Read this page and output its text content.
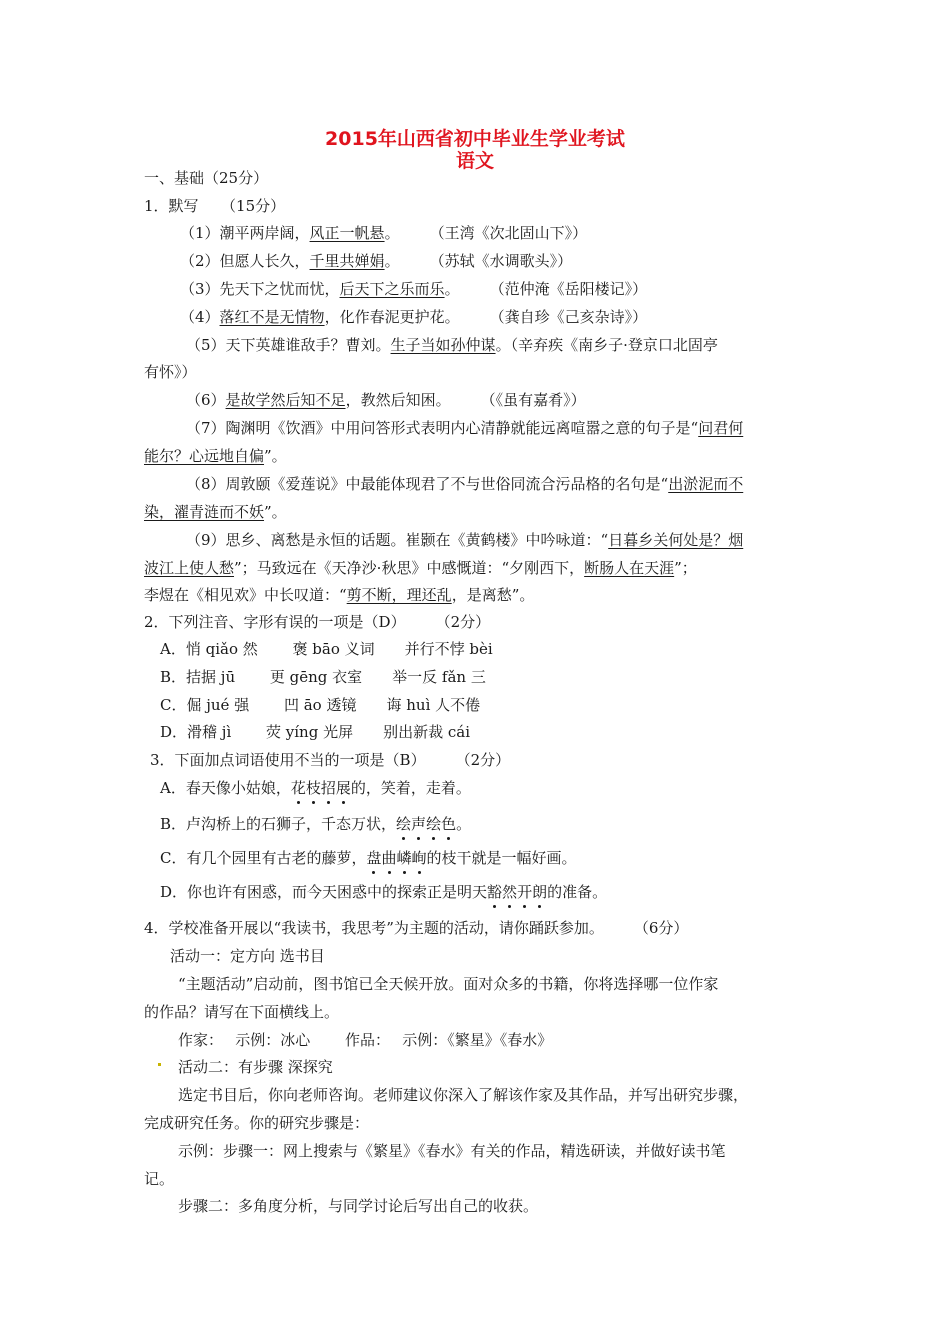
2015年山西省初中毕业生学业考试
语文
一、基础（25分）
1．默写　　（15分）
（1）潮平两岸阔，风正一帆悬。　　　（王湾《次北固山下》）
（2）但愿人长久，千里共婵娟。　　　（苏轼《水调歌头》）
（3）先天下之忧而忧，后天下之乐而乐。　　　（范仲淹《岳阳楼记》）
（4）落红不是无情物，化作春泥更护花。　　　（龚自珍《己亥杂诗》）
（5）天下英雄谁敌手？曹刘。生子当如孙仲谋。（辛弃疾《南乡子·登京口北固亭
有怀》）
（6）是故学然后知不足，教然后知困。　　　（《虽有嘉肴》）
（7）陶渊明《饮酒》中用问答形式表明内心清静就能远离喧嚣之意的句子是“问君何
能尔？心远地自偏”。
（8）周敦颐《爱莲说》中最能体现君了不与世俗同流合污品格的名句是“出淤泥而不
染，濯青涟而不妖”。
（9）思乡、离愁是永恒的话题。崔颢在《黄鹤楼》中吟咏道：“日暮乡关何处是？烟
波江上使人愁”；马致远在《天净沙·秋思》中感慨道：“夕刚西下，断肠人在天涯”；
李煜在《相见欢》中长叹道：“剪不断，理还乱，是离愁”。
2．下列注音、字形有误的一项是（D）　　　（2分）
A．悄 qiǎo 然　　 褒 bāo 义词　　并行不悖 bèi
B．拮据 jū　　 更 gēng 衣室　　举一反 fǎn 三
C．倔 jué 强　　 凹 āo 透镜　　诲 huì 人不倦
D．滑稽 jì　　 荧 yíng 光屏　　别出新裁 cái
3．下面加点词语使用不当的一项是（B）　　　（2分）
A．春天像小姑娘，花枝招展的，笑着，走着。
B．卢沟桥上的石狮子，千态万状，绘声绘色。
C．有几个园里有古老的藤萝，盘曲嶙峋的枝干就是一幅好画。
D．你也许有困惑，而今天困惑中的探索正是明天豁然开朗的准备。
4．学校准备开展以“我读书，我思考”为主题的活动，请你踊跃参加。　　　（6分）
活动一：定方向 选书目
“主题活动”启动前，图书馆已全天候开放。面对众多的书籍，你将选择哪一位作家
的作品？请写在下面横线上。
作家：　 示例：冰心　　 作品：　 示例：《繁星》《春水》
活动二：有步骤 深探究
选定书目后，你向老师咨询。老师建议你深入了解该作家及其作品，并写出研究步骤，
完成研究任务。你的研究步骤是：
示例：步骤一：网上搜索与《繁星》《春水》有关的作品，精选研读，并做好读书笔
记。
步骤二：多角度分析，与同学讨论后写出自己的收获。
